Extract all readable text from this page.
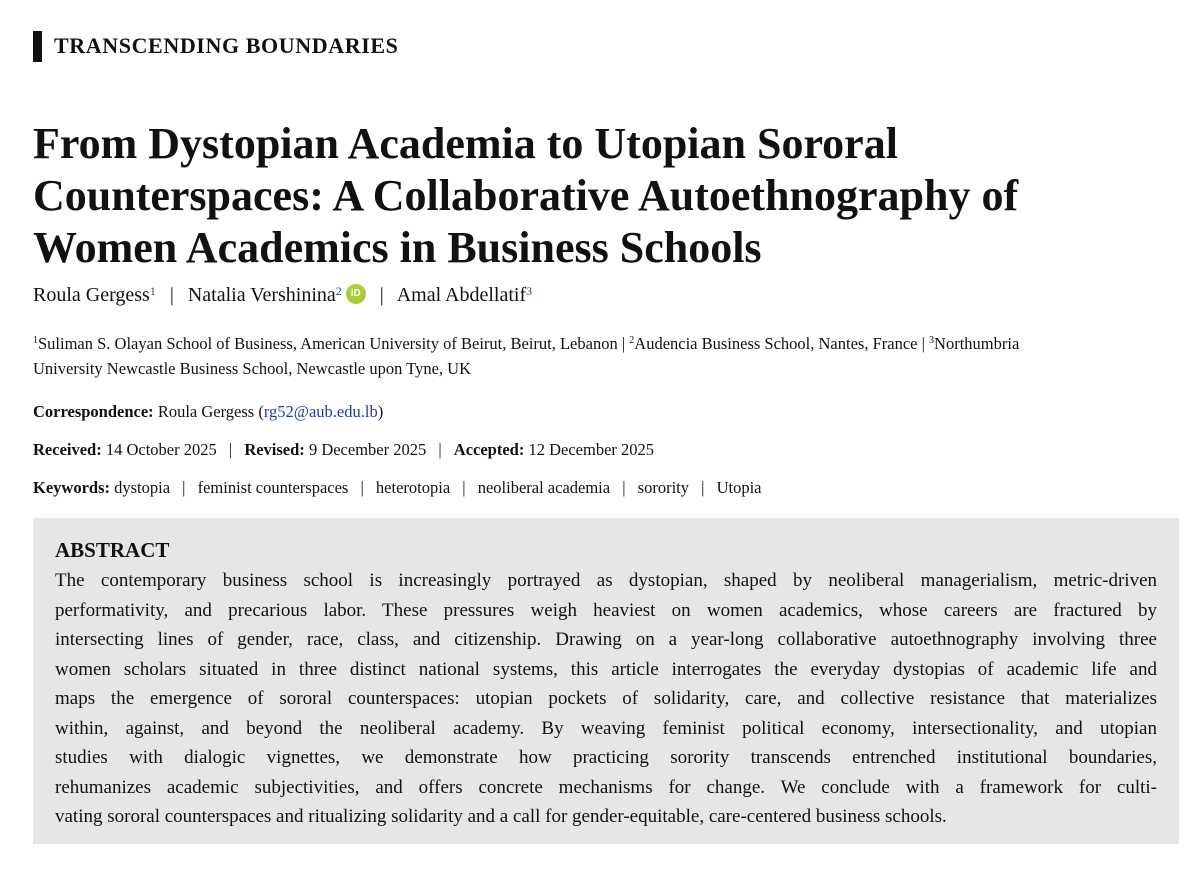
TRANSCENDING BOUNDARIES
From Dystopian Academia to Utopian Sororal
Counterspaces: A Collaborative Autoethnography of
Women Academics in Business Schools
Roula Gergess$^1$ | Natalia Vershinina$^2$ iD | Amal Abdellatif$^3$
$^1$Suliman S. Olayan School of Business, American University of Beirut, Beirut, Lebanon | $^2$Audencia Business School, Nantes, France | $^3$Northumbria
University Newcastle Business School, Newcastle upon Tyne, UK
Correspondence: Roula Gergess (rg52@aub.edu.lb)
Received: 14 October 2025 | Revised: 9 December 2025 | Accepted: 12 December 2025
Keywords: dystopia | feminist counterspaces | heterotopia | neoliberal academia | sorority | Utopia
ABSTRACT
The contemporary business school is increasingly portrayed as dystopian, shaped by neoliberal managerialism, metric-driven
performativity, and precarious labor. These pressures weigh heaviest on women academics, whose careers are fractured by
intersecting lines of gender, race, class, and citizenship. Drawing on a year-long collaborative autoethnography involving three
women scholars situated in three distinct national systems, this article interrogates the everyday dystopias of academic life and
maps the emergence of sororal counterspaces: utopian pockets of solidarity, care, and collective resistance that materializes
within, against, and beyond the neoliberal academy. By weaving feminist political economy, intersectionality, and utopian
studies with dialogic vignettes, we demonstrate how practicing sorority transcends entrenched institutional boundaries,
rehumanizes academic subjectivities, and offers concrete mechanisms for change. We conclude with a framework for culti-
vating sororal counterspaces and ritualizing solidarity and a call for gender-equitable, care-centered business schools.
